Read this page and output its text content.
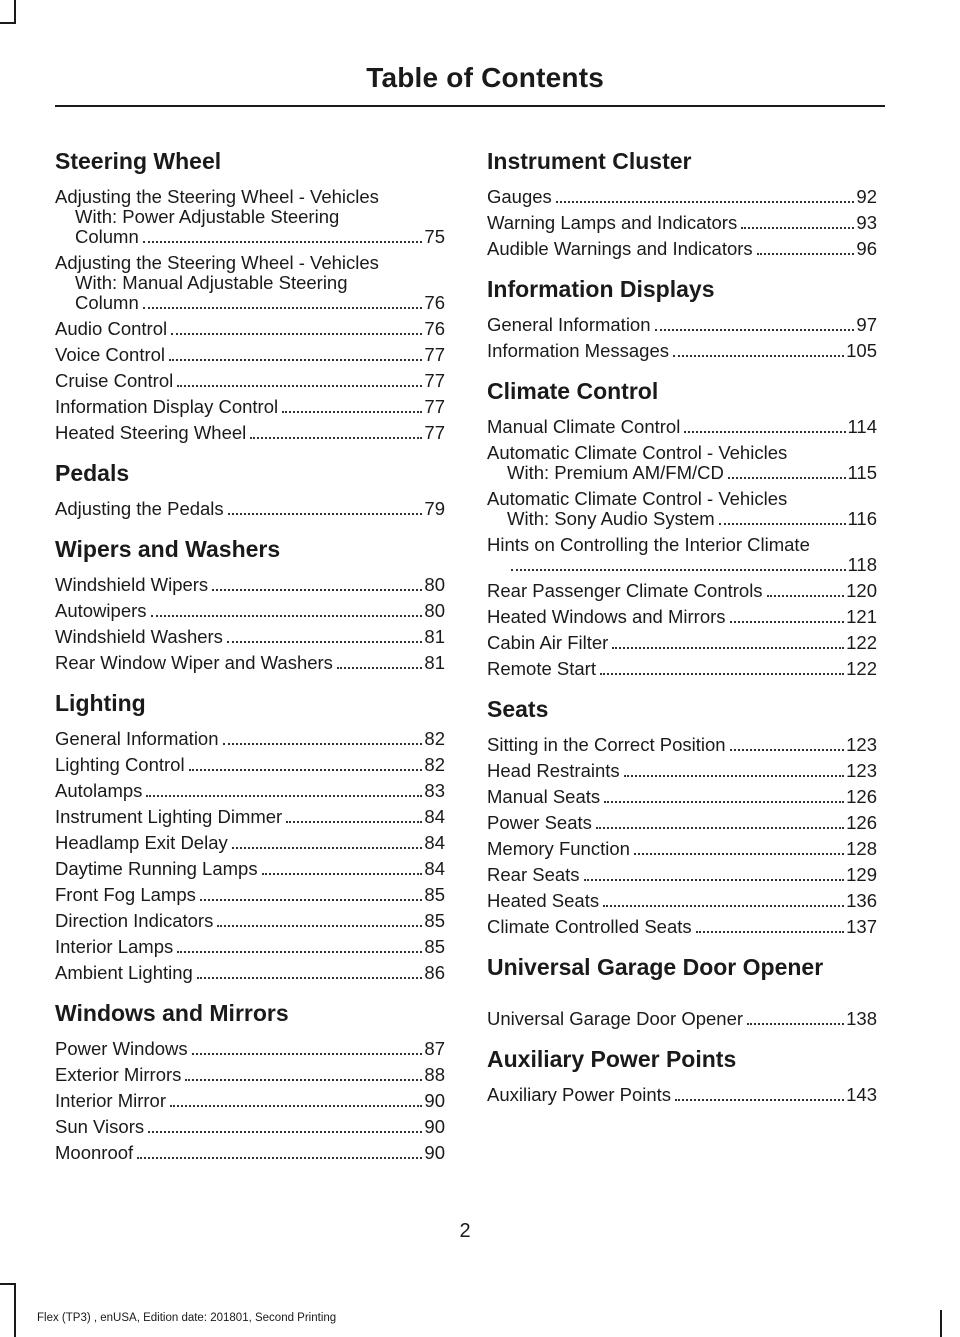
Table of Contents
Steering Wheel
Adjusting the Steering Wheel - Vehicles
With: Power Adjustable Steering
Column	75
Adjusting the Steering Wheel - Vehicles
With: Manual Adjustable Steering
Column	76
Audio Control	76
Voice Control	77
Cruise Control	77
Information Display Control	77
Heated Steering Wheel	77
Pedals
Adjusting the Pedals	79
Wipers and Washers
Windshield Wipers	80
Autowipers	80
Windshield Washers	81
Rear Window Wiper and Washers	81
Lighting
General Information	82
Lighting Control	82
Autolamps	83
Instrument Lighting Dimmer	84
Headlamp Exit Delay	84
Daytime Running Lamps	84
Front Fog Lamps	85
Direction Indicators	85
Interior Lamps	85
Ambient Lighting	86
Windows and Mirrors
Power Windows	87
Exterior Mirrors	88
Interior Mirror	90
Sun Visors	90
Moonroof	90
Instrument Cluster
Gauges	92
Warning Lamps and Indicators	93
Audible Warnings and Indicators	96
Information Displays
General Information	97
Information Messages	105
Climate Control
Manual Climate Control	114
Automatic Climate Control - Vehicles
With: Premium AM/FM/CD	115
Automatic Climate Control - Vehicles
With: Sony Audio System	116
Hints on Controlling the Interior Climate
118
Rear Passenger Climate Controls	120
Heated Windows and Mirrors	121
Cabin Air Filter	122
Remote Start	122
Seats
Sitting in the Correct Position	123
Head Restraints	123
Manual Seats	126
Power Seats	126
Memory Function	128
Rear Seats	129
Heated Seats	136
Climate Controlled Seats	137
Universal Garage Door Opener
Universal Garage Door Opener	138
Auxiliary Power Points
Auxiliary Power Points	143
2
Flex (TP3) , enUSA, Edition date: 201801, Second Printing
